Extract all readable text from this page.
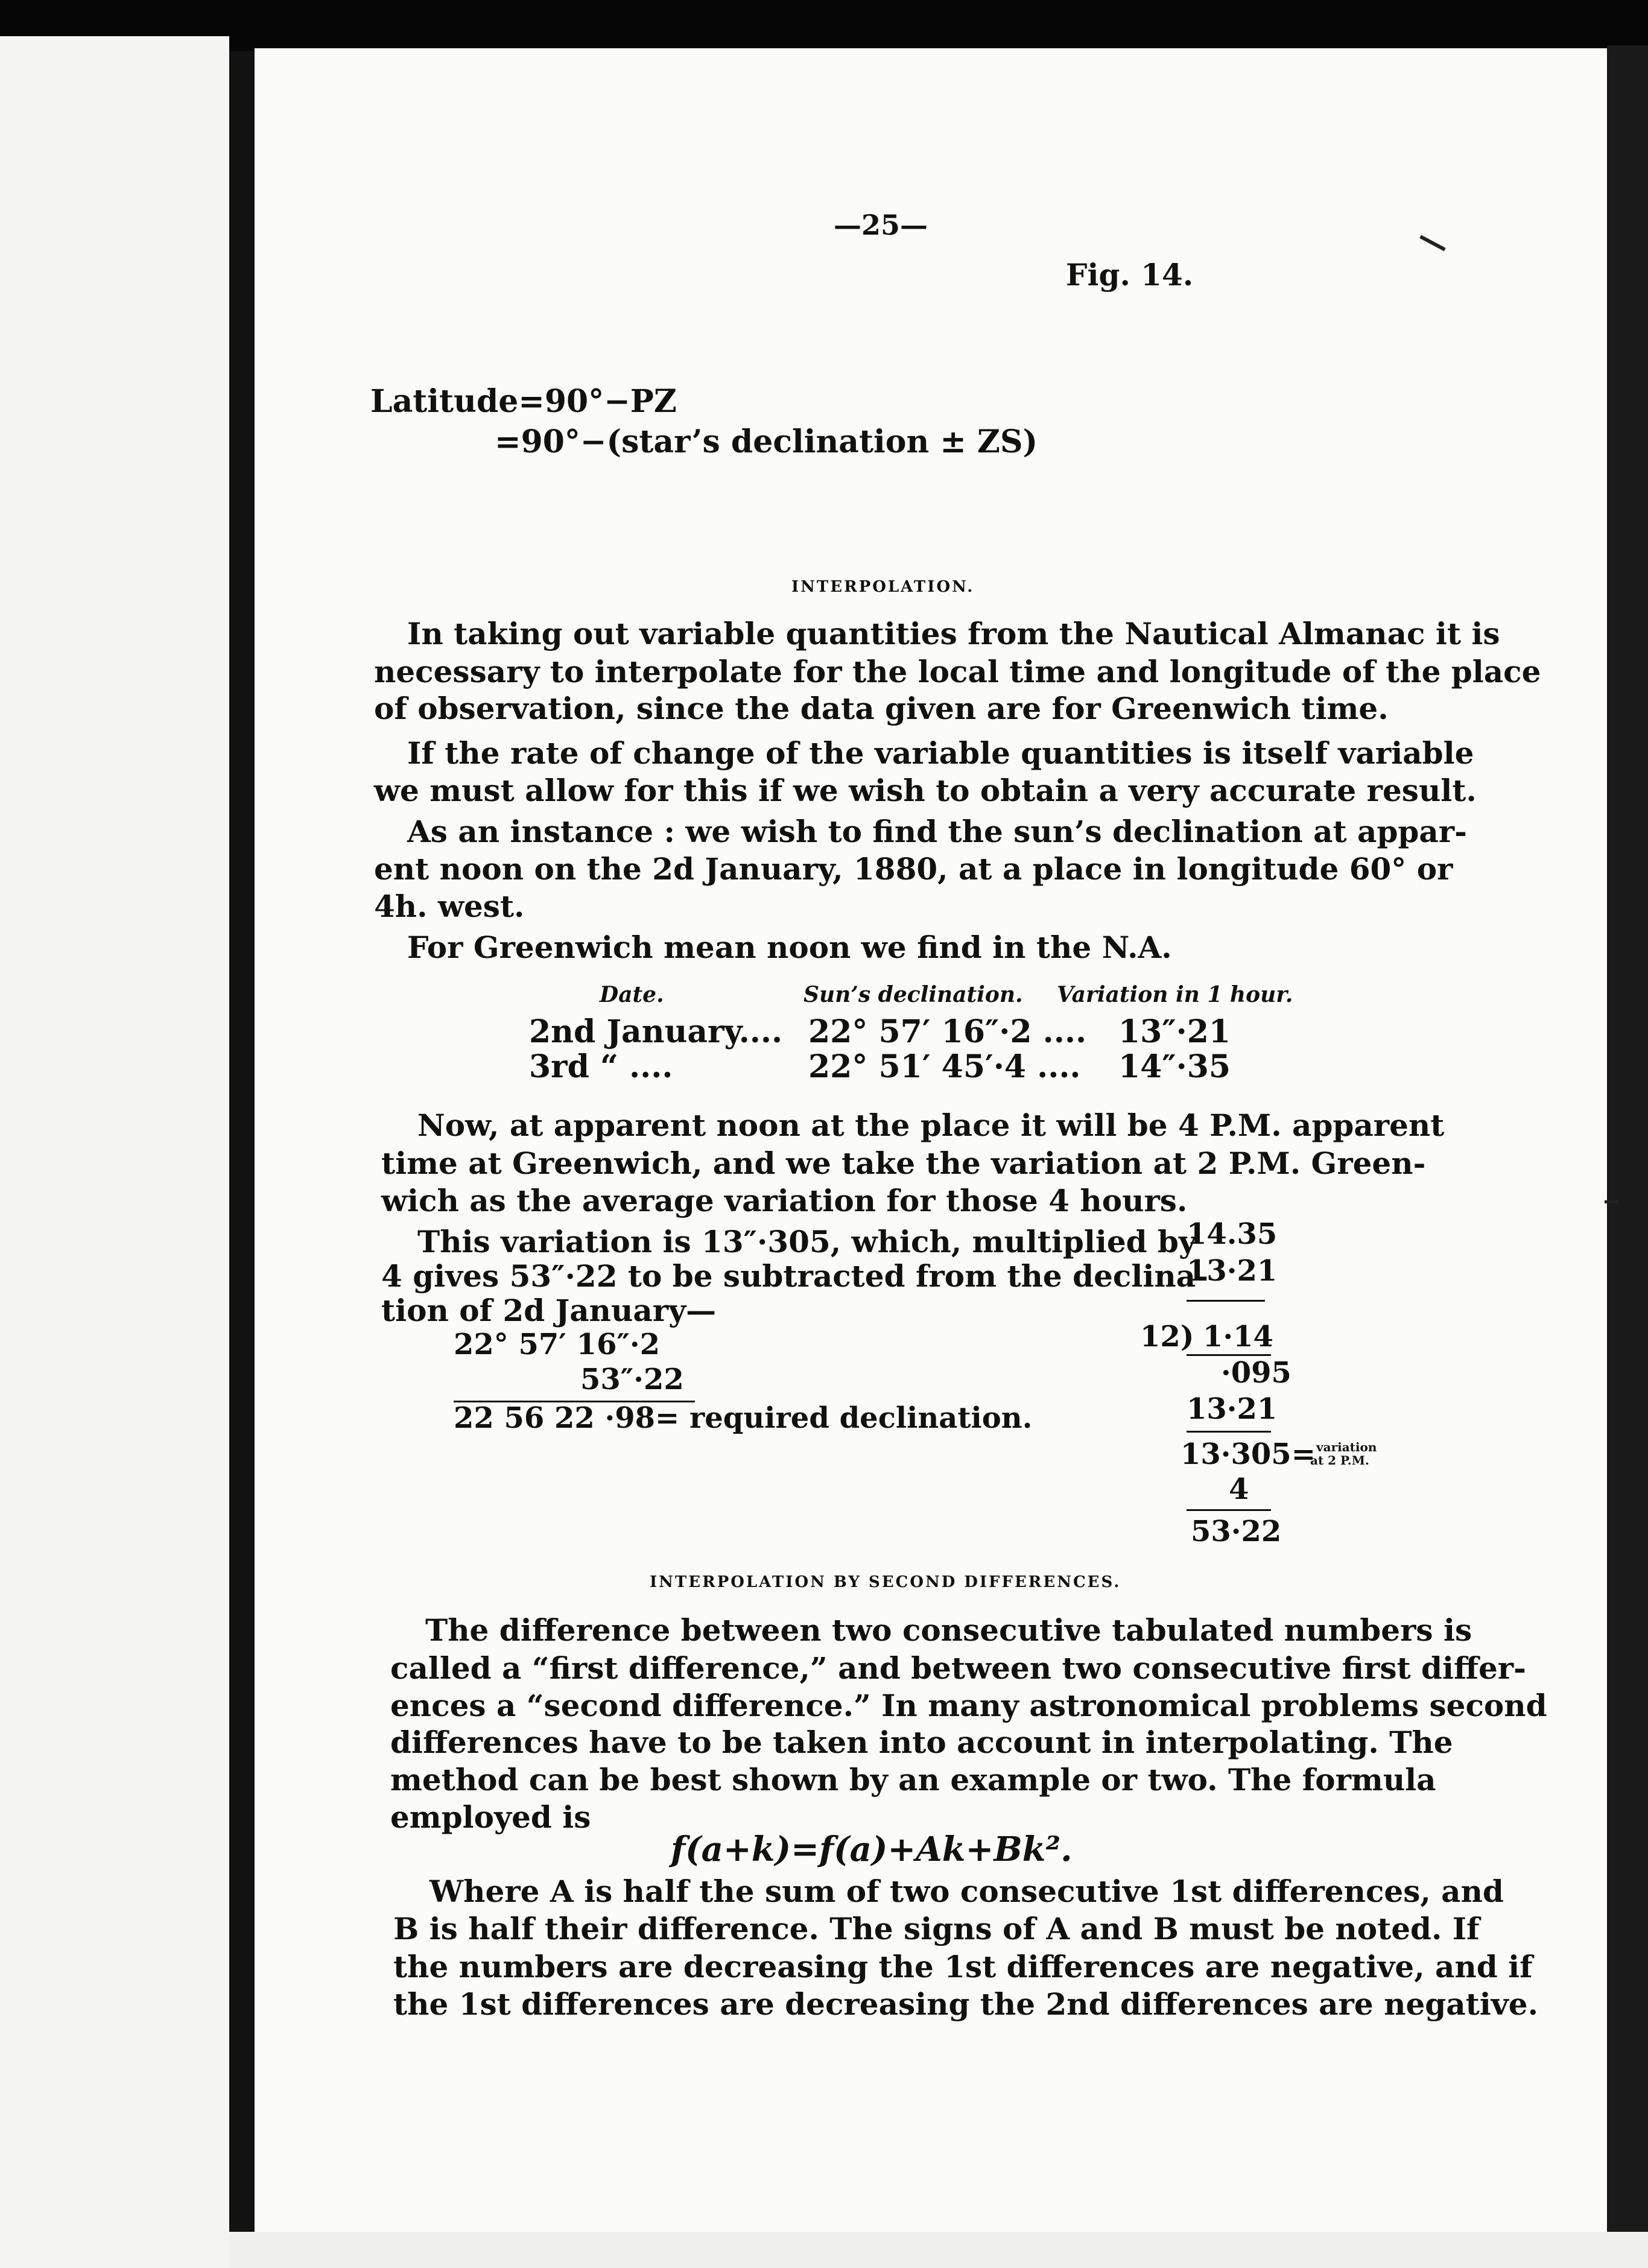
—25—
Fig. 14.
Latitude=90°−PZ
=90°−(star’s declination ± ZS)
INTERPOLATION.
In taking out variable quantities from the Nautical Almanac it is
necessary to interpolate for the local time and longitude of the place
of observation, since the data given are for Greenwich time.
If the rate of change of the variable quantities is itself variable
we must allow for this if we wish to obtain a very accurate result.
As an instance : we wish to find the sun’s declination at appar-
ent noon on the 2d January, 1880, at a place in longitude 60° or
4h. west.
For Greenwich mean noon we find in the N.A.
Date.	Sun’s declination. Variation in 1 hour.
2nd January.... 22° 57′ 16″·2 .... 13″·21
3rd “ ....	22° 51′ 45′·4 .... 14″·35
Now, at apparent noon at the place it will be 4 P.M. apparent
time at Greenwich, and we take the variation at 2 P.M. Green-
wich as the average variation for those 4 hours.
This variation is 13″·305, which, multiplied by
4 gives 53″·22 to be subtracted from the declina-
tion of 2d January—
22° 57′ 16″·2
53″·22
22 56 22 ·98= required declination.
14.35
13·21
12) 1·14
·095
13·21
13·305= variation
at 2 P.M.
4
53·22
INTERPOLATION BY SECOND DIFFERENCES.
The difference between two consecutive tabulated numbers is
called a “first difference,” and between two consecutive first differ-
ences a “second difference.” In many astronomical problems second
differences have to be taken into account in interpolating. The
method can be best shown by an example or two. The formula
employed is
f(a+k)=f(a)+Ak+Bk².
Where A is half the sum of two consecutive 1st differences, and
B is half their difference. The signs of A and B must be noted. If
the numbers are decreasing the 1st differences are negative, and if
the 1st differences are decreasing the 2nd differences are negative.
